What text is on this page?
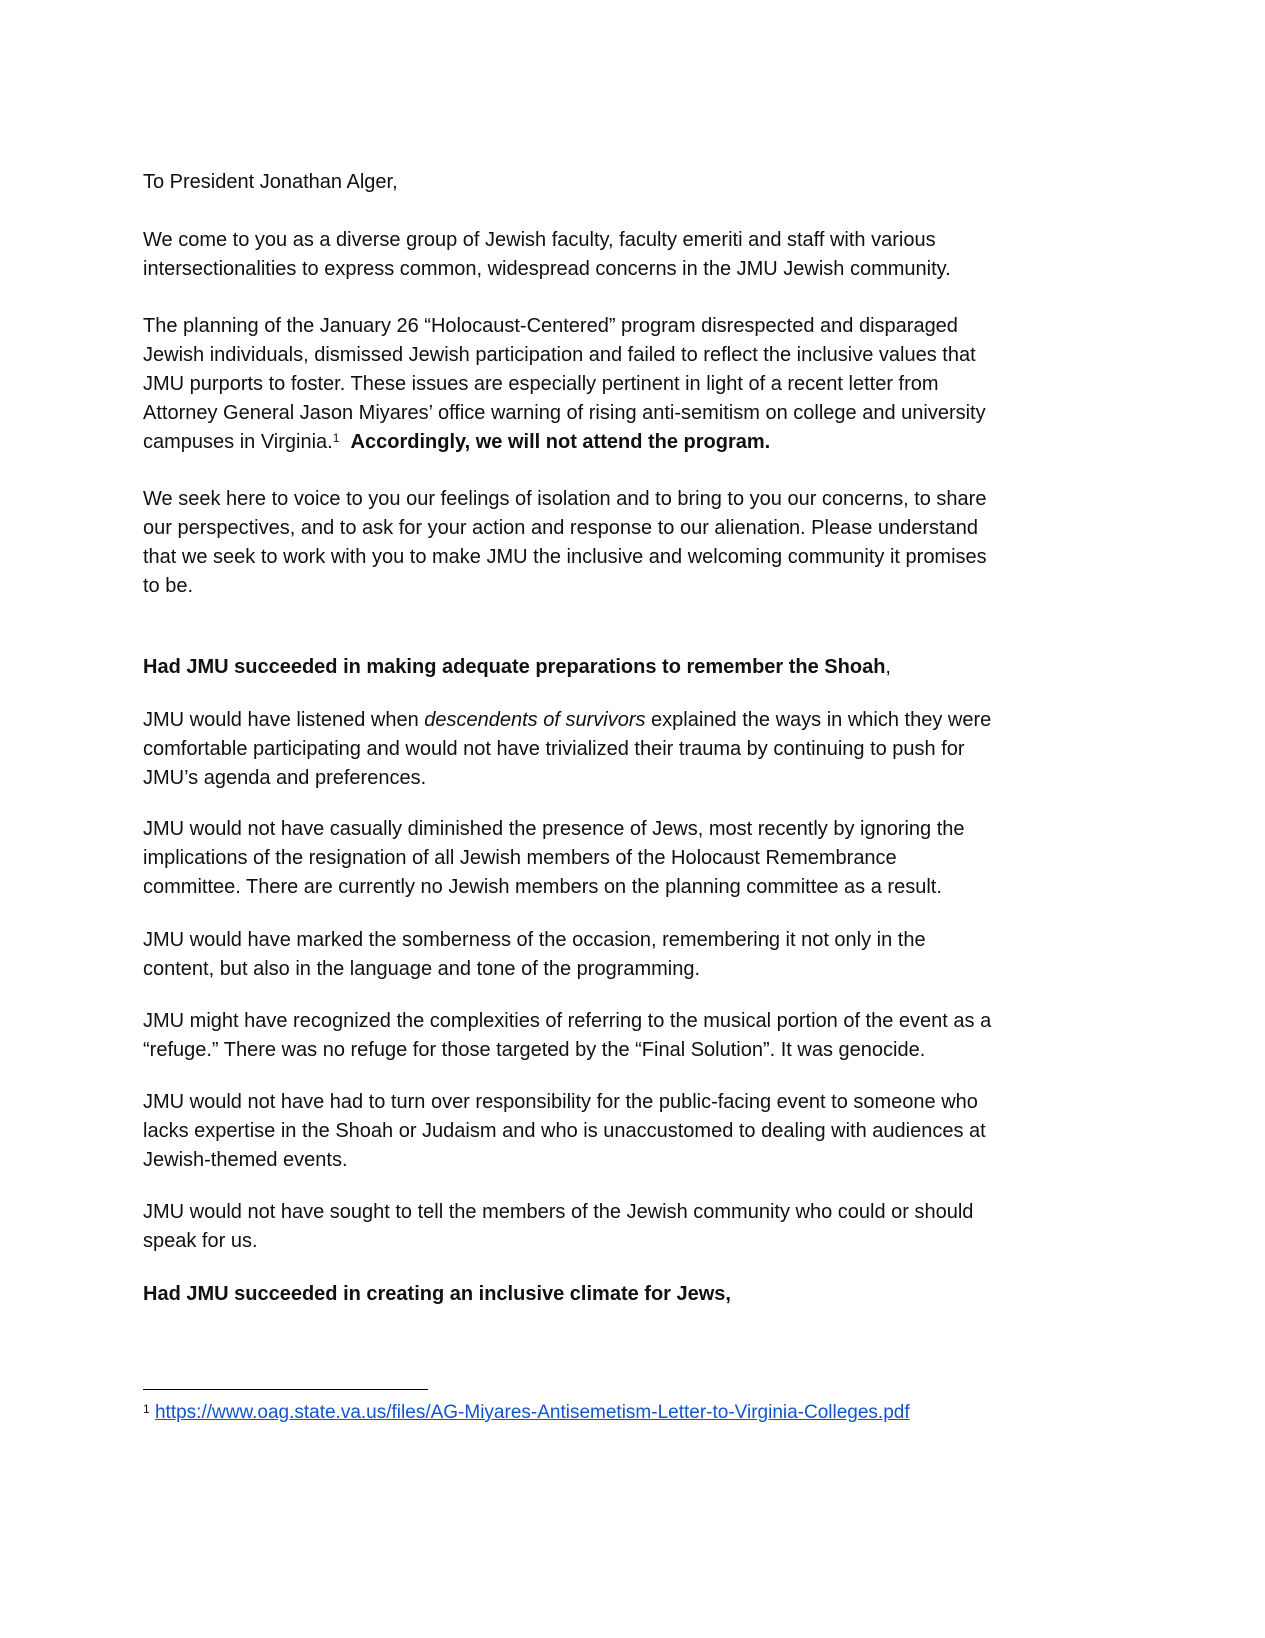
To President Jonathan Alger,
We come to you as a diverse group of Jewish faculty, faculty emeriti and staff with various
intersectionalities to express common, widespread concerns in the JMU Jewish community.
The planning of the January 26 “Holocaust-Centered” program disrespected and disparaged
Jewish individuals, dismissed Jewish participation and failed to reflect the inclusive values that
JMU purports to foster. These issues are especially pertinent in light of a recent letter from
Attorney General Jason Miyares’ office warning of rising anti-semitism on college and university
campuses in Virginia.$^1$ Accordingly, we will not attend the program.
We seek here to voice to you our feelings of isolation and to bring to you our concerns, to share
our perspectives, and to ask for your action and response to our alienation. Please understand
that we seek to work with you to make JMU the inclusive and welcoming community it promises
to be.
Had JMU succeeded in making adequate preparations to remember the Shoah,
JMU would have listened when descendents of survivors explained the ways in which they were
comfortable participating and would not have trivialized their trauma by continuing to push for
JMU’s agenda and preferences.
JMU would not have casually diminished the presence of Jews, most recently by ignoring the
implications of the resignation of all Jewish members of the Holocaust Remembrance
committee. There are currently no Jewish members on the planning committee as a result.
JMU would have marked the somberness of the occasion, remembering it not only in the
content, but also in the language and tone of the programming.
JMU might have recognized the complexities of referring to the musical portion of the event as a
“refuge.” There was no refuge for those targeted by the “Final Solution”. It was genocide.
JMU would not have had to turn over responsibility for the public-facing event to someone who
lacks expertise in the Shoah or Judaism and who is unaccustomed to dealing with audiences at
Jewish-themed events.
JMU would not have sought to tell the members of the Jewish community who could or should
speak for us.
Had JMU succeeded in creating an inclusive climate for Jews,
$^1$ https://www.oag.state.va.us/files/AG-Miyares-Antisemetism-Letter-to-Virginia-Colleges.pdf
